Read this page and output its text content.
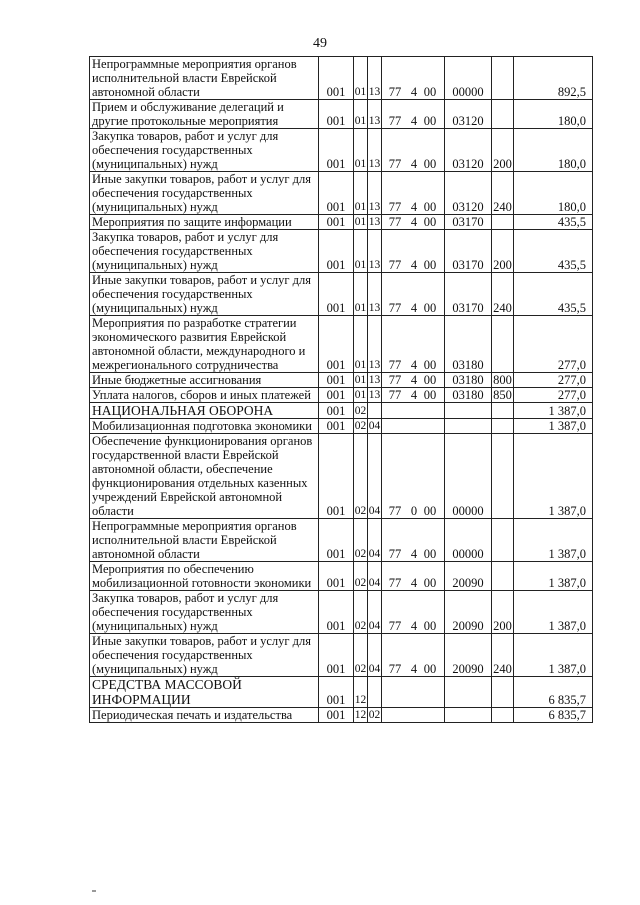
49
Непрограммные мероприятия органов исполнительной власти Еврейской автономной области	001	01	13	77 4 00	00000		892,5
Прием и обслуживание делегаций и другие протокольные мероприятия	001	01	13	77 4 00	03120		180,0
Закупка товаров, работ и услуг для обеспечения государственных (муниципальных) нужд	001	01	13	77 4 00	03120	200	180,0
Иные закупки товаров, работ и услуг для обеспечения государственных (муниципальных) нужд	001	01	13	77 4 00	03120	240	180,0
Мероприятия по защите информации	001	01	13	77 4 00	03170		435,5
Закупка товаров, работ и услуг для обеспечения государственных (муниципальных) нужд	001	01	13	77 4 00	03170	200	435,5
Иные закупки товаров, работ и услуг для обеспечения государственных (муниципальных) нужд	001	01	13	77 4 00	03170	240	435,5
Мероприятия по разработке стратегии экономического развития Еврейской автономной области, международного и межрегионального сотрудничества	001	01	13	77 4 00	03180		277,0
Иные бюджетные ассигнования	001	01	13	77 4 00	03180	800	277,0
Уплата налогов, сборов и иных платежей	001	01	13	77 4 00	03180	850	277,0
НАЦИОНАЛЬНАЯ ОБОРОНА	001	02					1 387,0
Мобилизационная подготовка экономики	001	02	04				1 387,0
Обеспечение функционирования органов государственной власти Еврейской автономной области, обеспечение функционирования отдельных казенных учреждений Еврейской автономной области	001	02	04	77 0 00	00000		1 387,0
Непрограммные мероприятия органов исполнительной власти Еврейской автономной области	001	02	04	77 4 00	00000		1 387,0
Мероприятия по обеспечению мобилизационной готовности экономики	001	02	04	77 4 00	20090		1 387,0
Закупка товаров, работ и услуг для обеспечения государственных (муниципальных) нужд	001	02	04	77 4 00	20090	200	1 387,0
Иные закупки товаров, работ и услуг для обеспечения государственных (муниципальных) нужд	001	02	04	77 4 00	20090	240	1 387,0
СРЕДСТВА МАССОВОЙ ИНФОРМАЦИИ	001	12					6 835,7
Периодическая печать и издательства	001	12	02				6 835,7
